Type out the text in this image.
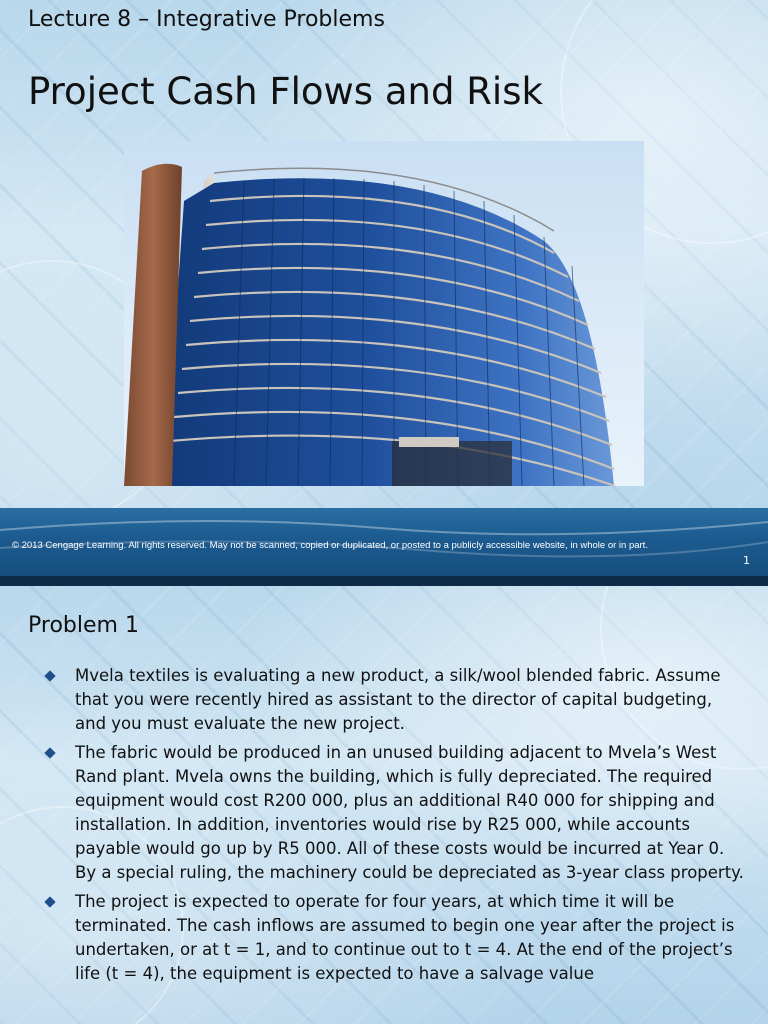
Lecture 8 – Integrative Problems
Project Cash Flows and Risk
© 2013 Cengage Learning. All rights reserved. May not be scanned, copied or duplicated, or posted to a publicly accessible website, in whole or in part.
1
Problem 1
Mvela textiles is evaluating a new product, a silk/wool blended fabric. Assume that you were recently hired as assistant to the director of capital budgeting, and you must evaluate the new project.
The fabric would be produced in an unused building adjacent to Mvela’s West Rand plant. Mvela owns the building, which is fully depreciated. The required equipment would cost R200 000, plus an additional R40 000 for shipping and installation. In addition, inventories would rise by R25 000, while accounts payable would go up by R5 000. All of these costs would be incurred at Year 0. By a special ruling, the machinery could be depreciated as 3-year class property.
The project is expected to operate for four years, at which time it will be terminated. The cash inflows are assumed to begin one year after the project is undertaken, or at t = 1, and to continue out to t = 4. At the end of the project’s life (t = 4), the equipment is expected to have a salvage value
